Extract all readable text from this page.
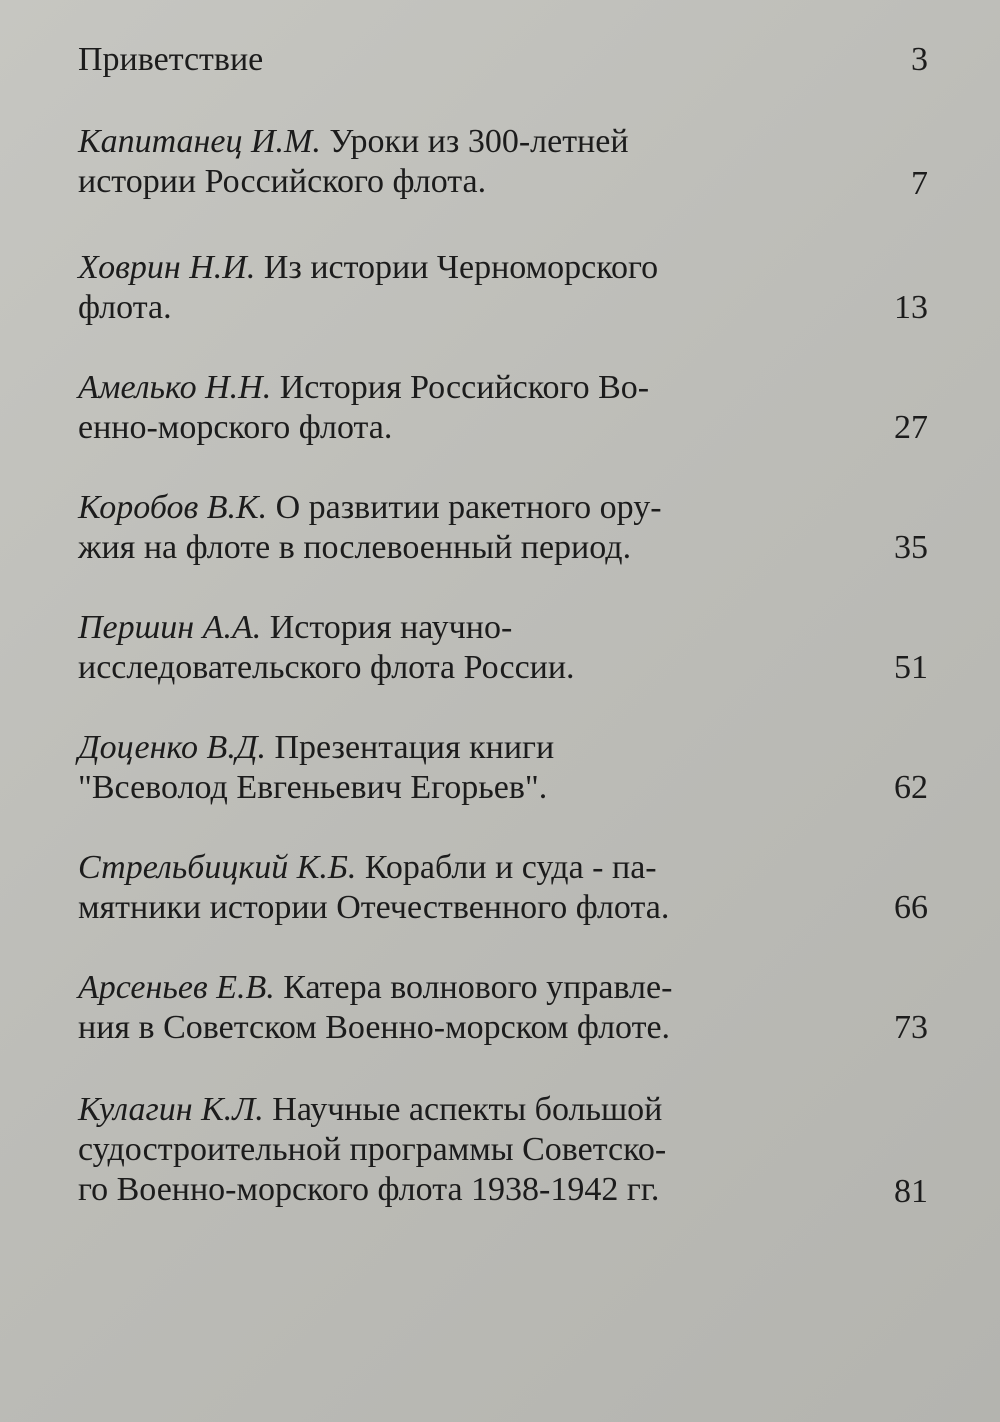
Приветствие	3
Капитанец И.М. Уроки из 300-летней
истории Российского флота.	7
Ховрин Н.И. Из истории Черноморского
флота.	13
Амелько Н.Н. История Российского Во-
енно-морского флота.	27
Коробов В.К. О развитии ракетного ору-
жия на флоте в послевоенный период.	35
Першин А.А. История научно-
исследовательского флота России.	51
Доценко В.Д. Презентация книги
"Всеволод Евгеньевич Егорьев".	62
Стрельбицкий К.Б. Корабли и суда - па-
мятники истории Отечественного флота.	66
Арсеньев Е.В. Катера волнового управле-
ния в Советском Военно-морском флоте.	73
Кулагин К.Л. Научные аспекты большой
судостроительной программы Советско-
го Военно-морского флота 1938-1942 гг.	81
